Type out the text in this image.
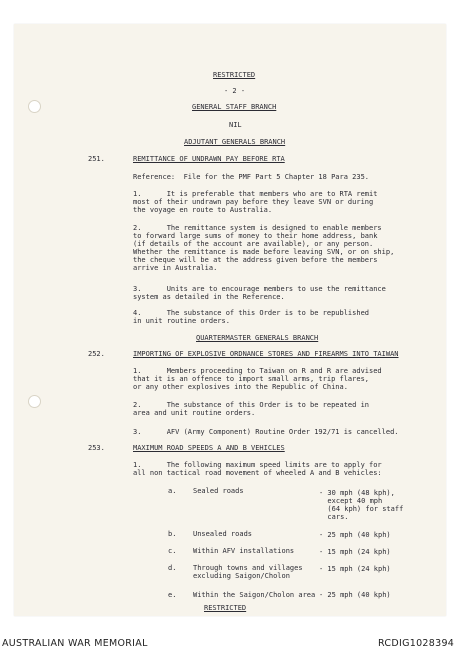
RESTRICTED
- 2 -
GENERAL STAFF BRANCH
NIL
ADJUTANT GENERALS BRANCH
251.	REMITTANCE OF UNDRAWN PAY BEFORE RTA
Reference:  File for the PMF Part 5 Chapter 18 Para 235.
1.      It is preferable that members who are to RTA remit
most of their undrawn pay before they leave SVN or during
the voyage en route to Australia.
2.      The remittance system is designed to enable members
to forward large sums of money to their home address, bank
(if details of the account are available), or any person.
Whether the remittance is made before leaving SVN, or on ship,
the cheque will be at the address given before the members
arrive in Australia.
3.      Units are to encourage members to use the remittance
system as detailed in the Reference.
4.      The substance of this Order is to be republished
in unit routine orders.
QUARTERMASTER GENERALS BRANCH
252.	IMPORTING OF EXPLOSIVE ORDNANCE STORES AND FIREARMS INTO TAIWAN
1.      Members proceeding to Taiwan on R and R are advised
that it is an offence to import small arms, trip flares,
or any other explosives into the Republic of China.
2.      The substance of this Order is to be repeated in
area and unit routine orders.
3.      AFV (Army Component) Routine Order 192/71 is cancelled.
253.	MAXIMUM ROAD SPEEDS A AND B VEHICLES
1.      The following maximum speed limits are to apply for
all non tactical road movement of wheeled A and B vehicles:
a. Sealed roads	- 30 mph (48 kph),
except 40 mph
(64 kph) for staff
cars.
b. Unsealed roads	- 25 mph (40 kph)
c. Within AFV installations	- 15 mph (24 kph)
d. Through towns and villages
excluding Saigon/Cholon
- 15 mph (24 kph)
e. Within the Saigon/Cholon area - 25 mph (40 kph)
RESTRICTED
AUSTRALIAN WAR MEMORIAL	RCDIG1028394
